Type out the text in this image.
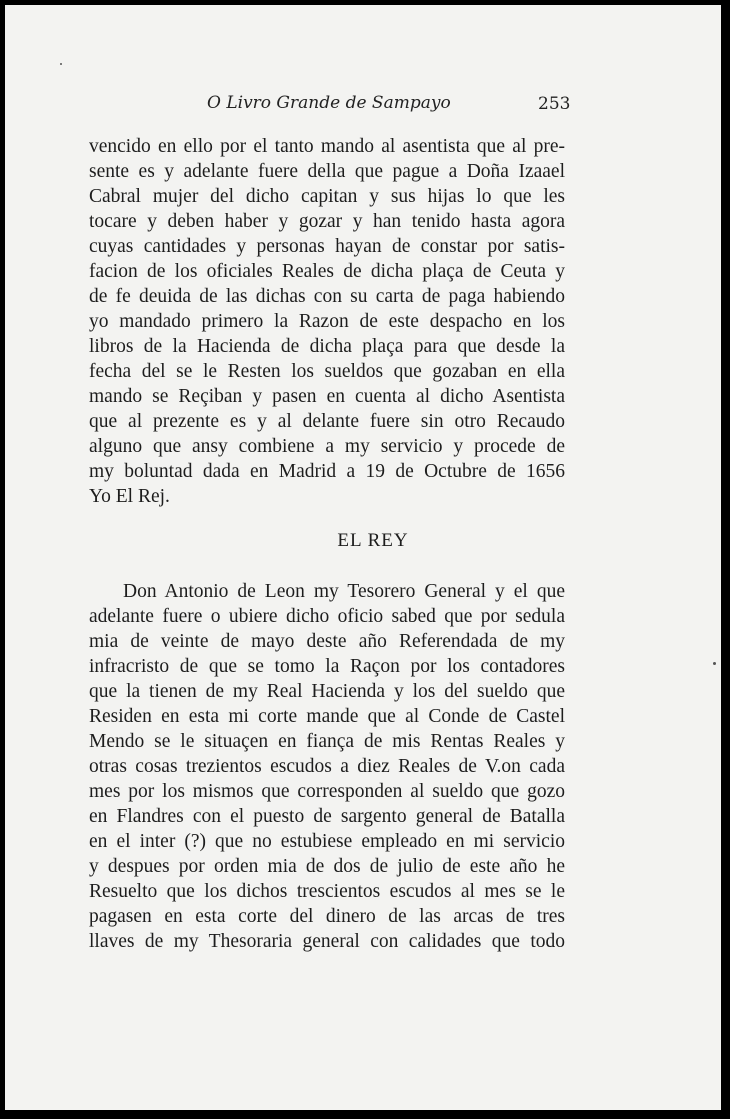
O Livro Grande de Sampayo	253

vencido en ello por el tanto mando al asentista que al pre-
sente es y adelante fuere della que pague a Doña Izaael
Cabral mujer del dicho capitan y sus hijas lo que les
tocare y deben haber y gozar y han tenido hasta agora
cuyas cantidades y personas hayan de constar por satis-
facion de los oficiales Reales de dicha plaça de Ceuta y
de fe deuida de las dichas con su carta de paga habiendo
yo mandado primero la Razon de este despacho en los
libros de la Hacienda de dicha plaça para que desde la
fecha del se le Resten los sueldos que gozaban en ella
mando se Reçiban y pasen en cuenta al dicho Asentista
que al prezente es y al delante fuere sin otro Recaudo
alguno que ansy combiene a my servicio y procede de
my boluntad dada en Madrid a 19 de Octubre de 1656
Yo El Rej.

EL REY

Don Antonio de Leon my Tesorero General y el que
adelante fuere o ubiere dicho oficio sabed que por sedula
mia de veinte de mayo deste año Referendada de my
infracristo de que se tomo la Raçon por los contadores
que la tienen de my Real Hacienda y los del sueldo que
Residen en esta mi corte mande que al Conde de Castel
Mendo se le situaçen en fiança de mis Rentas Reales y
otras cosas trezientos escudos a diez Reales de V.on cada
mes por los mismos que corresponden al sueldo que gozo
en Flandres con el puesto de sargento general de Batalla
en el inter (?) que no estubiese empleado en mi servicio
y despues por orden mia de dos de julio de este año he
Resuelto que los dichos trescientos escudos al mes se le
pagasen en esta corte del dinero de las arcas de tres
llaves de my Thesoraria general con calidades que todo
